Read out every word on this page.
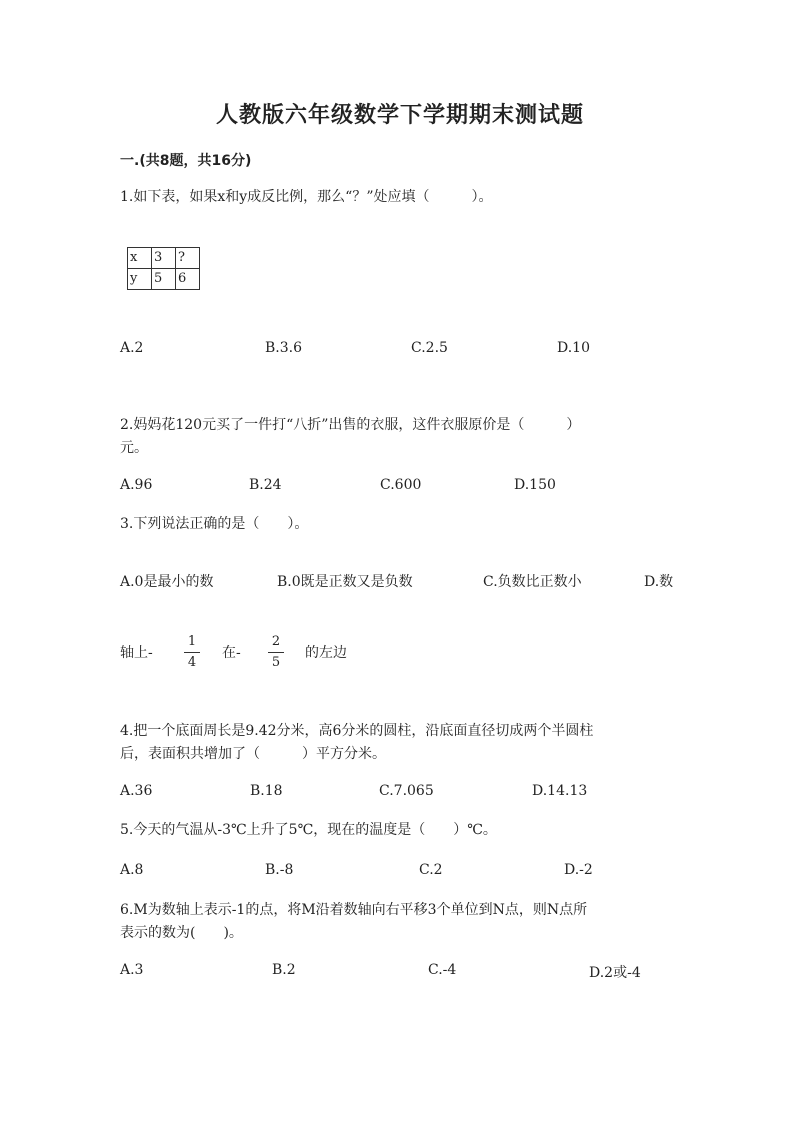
人教版六年级数学下学期期末测试题
一.(共8题，共16分)
1.如下表，如果x和y成反比例，那么“？”处应填（　　　）。
x	3	?
y	5	6
A.2	B.3.6	C.2.5	D.10
2.妈妈花120元买了一件打“八折”出售的衣服，这件衣服原价是（　　　）
元。
A.96	B.24	C.600	D.150
3.下列说法正确的是（　　）。
A.0是最小的数	B.0既是正数又是负数	C.负数比正数小	D.数
轴上-
1
4
在-
2
5
的左边
4.把一个底面周长是9.42分米，高6分米的圆柱，沿底面直径切成两个半圆柱
后，表面积共增加了（　　　）平方分米。
A.36	B.18	C.7.065	D.14.13
5.今天的气温从-3℃上升了5℃，现在的温度是（　　）℃。
A.8	B.-8	C.2	D.-2
6.M为数轴上表示-1的点，将M沿着数轴向右平移3个单位到N点，则N点所
表示的数为(　　)。
A.3	B.2	C.-4	D.2或-4
